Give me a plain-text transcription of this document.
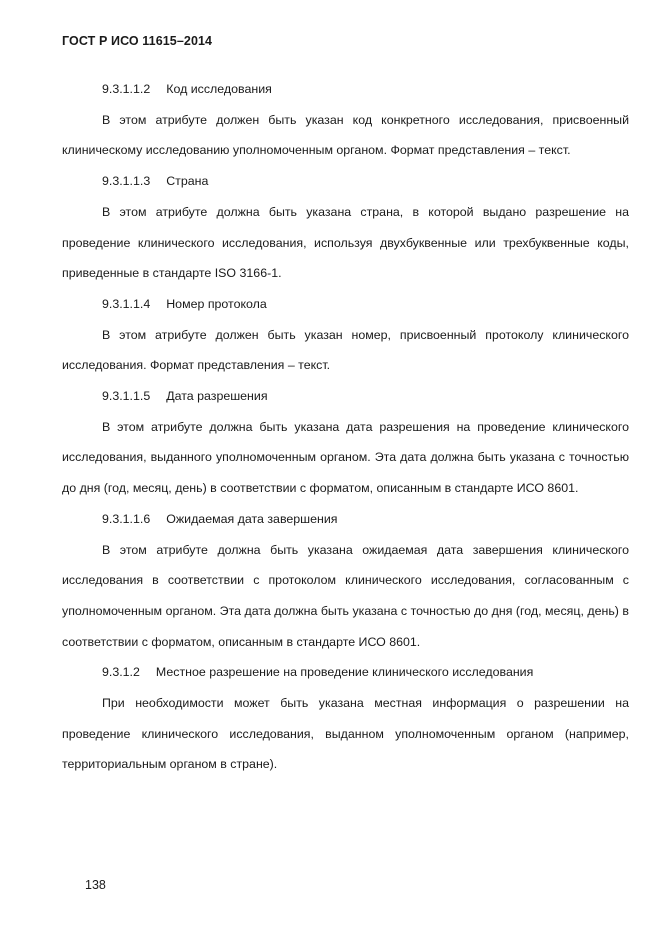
ГОСТ Р ИСО 11615–2014
9.3.1.1.2 Код исследования

В этом атрибуте должен быть указан код конкретного исследования, присвоенный клиническому исследованию уполномоченным органом. Формат представления – текст.

9.3.1.1.3 Страна

В этом атрибуте должна быть указана страна, в которой выдано разрешение на проведение клинического исследования, используя двухбуквенные или трехбуквенные коды, приведенные в стандарте ISO 3166-1.

9.3.1.1.4 Номер протокола

В этом атрибуте должен быть указан номер, присвоенный протоколу клинического исследования. Формат представления – текст.

9.3.1.1.5 Дата разрешения

В этом атрибуте должна быть указана дата разрешения на проведение клинического исследования, выданного уполномоченным органом. Эта дата должна быть указана с точностью до дня (год, месяц, день) в соответствии с форматом, описанным в стандарте ИСО 8601.

9.3.1.1.6 Ожидаемая дата завершения

В этом атрибуте должна быть указана ожидаемая дата завершения клинического исследования в соответствии с протоколом клинического исследования, согласованным с уполномоченным органом. Эта дата должна быть указана с точностью до дня (год, месяц, день) в соответствии с форматом, описанным в стандарте ИСО 8601.

9.3.1.2 Местное разрешение на проведение клинического исследования

При необходимости может быть указана местная информация о разрешении на проведение клинического исследования, выданном уполномоченным органом (например, территориальным органом в стране).

138
